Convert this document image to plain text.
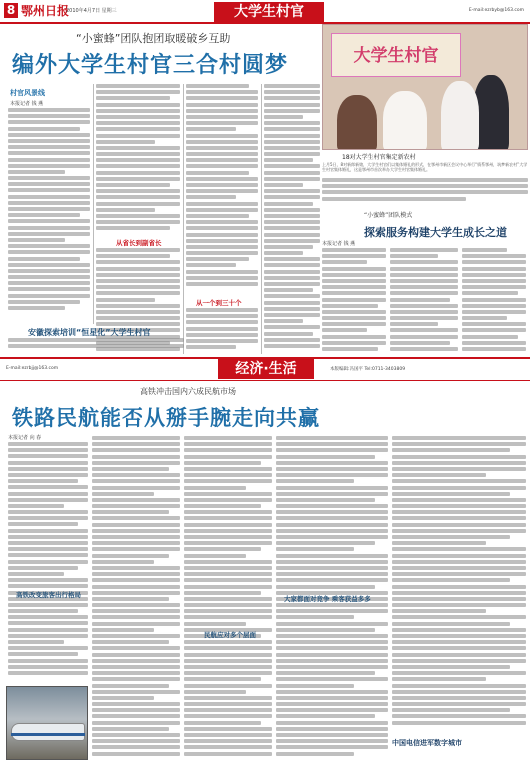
8 鄂州日报
2010年4月7日 星期三	大学生村官	E-mail:ezrbyb@163.com
“小蜜蜂”团队抱团取暖破乡互助
编外大学生村官三合村圆梦
村官风景线
本报记者 钱 燕
从省长到副省长
从一个到三十个
安徽探索培训“恒星化”大学生村官
大学生村官
18对大学生村官集定新农村
上月5日，8对新郎新娘，大学生村官们以集体婚礼的形式，在鄂州市新区会议中心举行“情系鄂州，筑梦新农村”大学生村官集体婚礼，这是鄂州市首次举办大学生村官集体婚礼。
“小蜜蜂”团队模式
探索服务构建大学生成长之道
本报记者 钱 燕
E-mail:ezrbjj@163.com	经济·生活	本版编辑:冯国平 Tel:0711-3403809
高铁冲击国内六成民航市场
铁路民航能否从掰手腕走向共赢
本报记者 向 春
高铁改变旅客出行格局
民航应对多个层面
大家都面对竞争 乘客获益多多
中国电信进军数字城市
